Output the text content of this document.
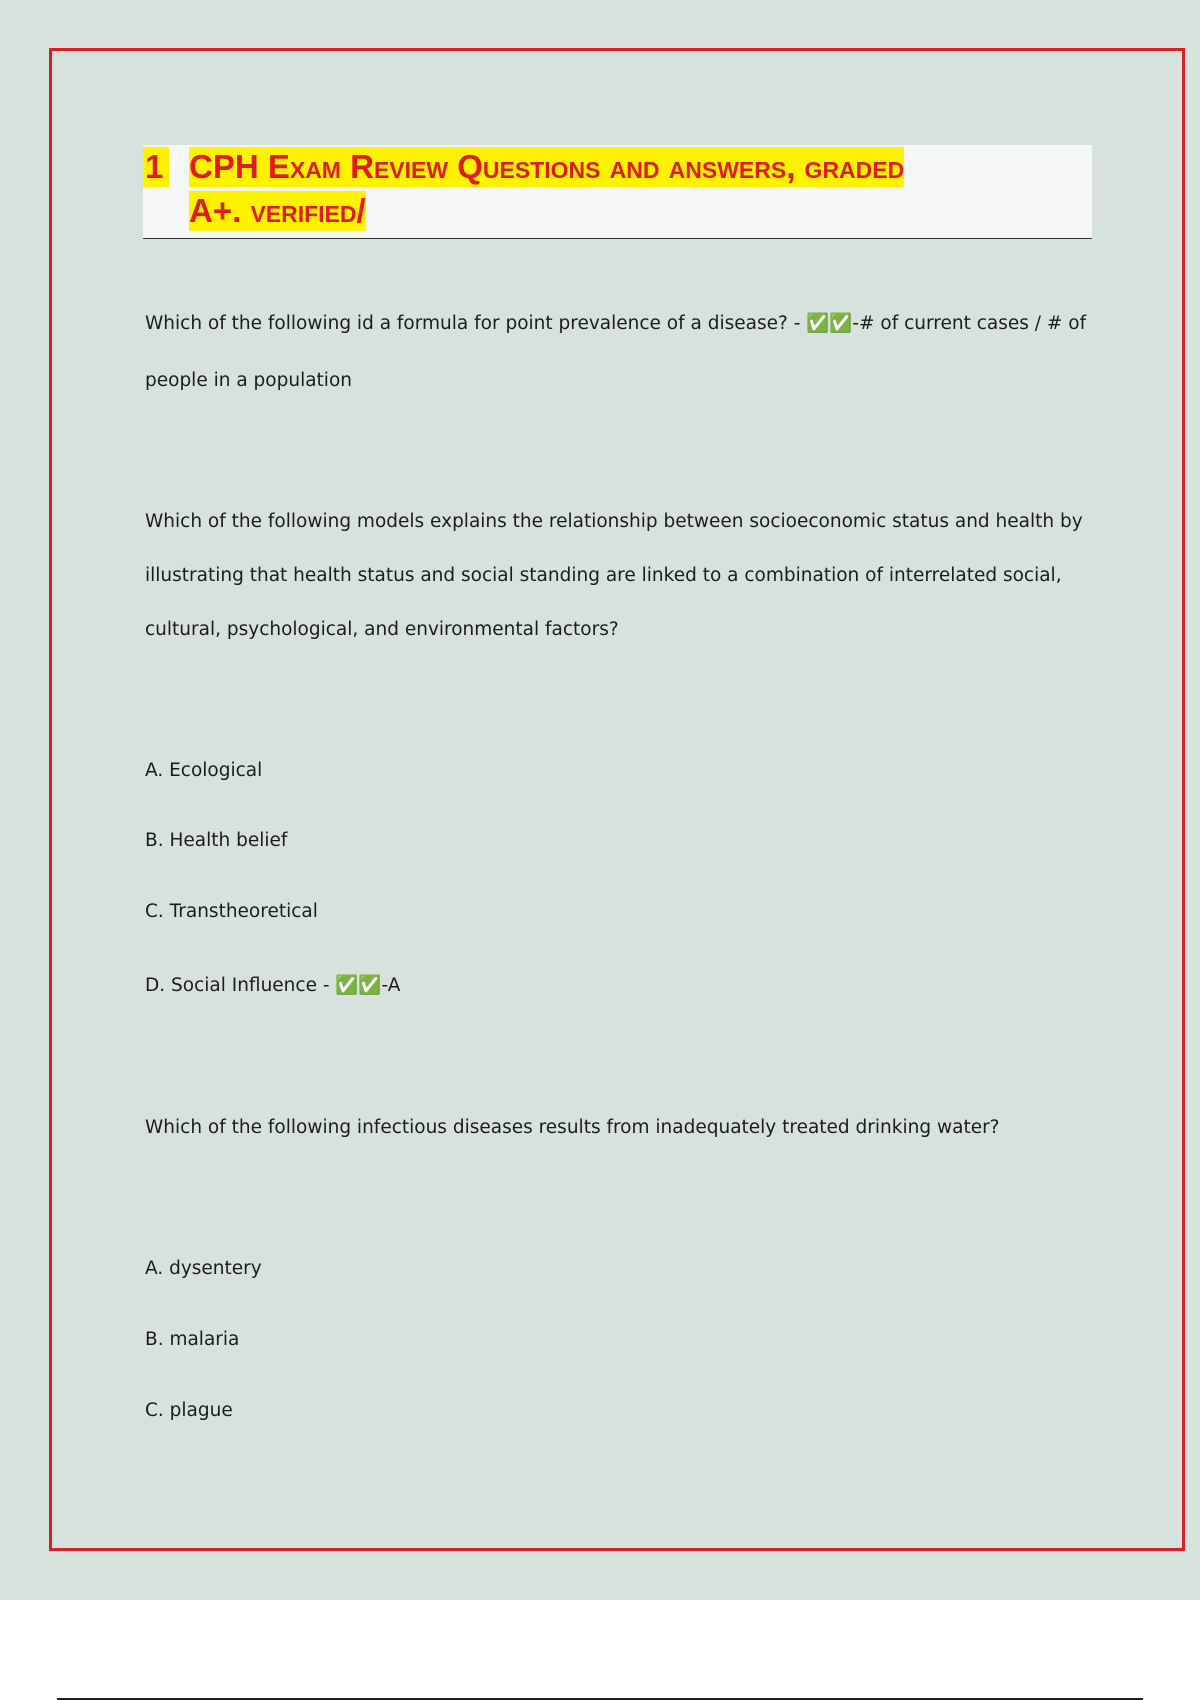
1 CPH Exam Review Questions and answers, graded
A+. verified/
Which of the following id a formula for point prevalence of a disease? - ✅✅-# of current cases / # of
people in a population
Which of the following models explains the relationship between socioeconomic status and health by
illustrating that health status and social standing are linked to a combination of interrelated social,
cultural, psychological, and environmental factors?
A. Ecological
B. Health belief
C. Transtheoretical
D. Social Influence - ✅✅-A
Which of the following infectious diseases results from inadequately treated drinking water?
A. dysentery
B. malaria
C. plague
